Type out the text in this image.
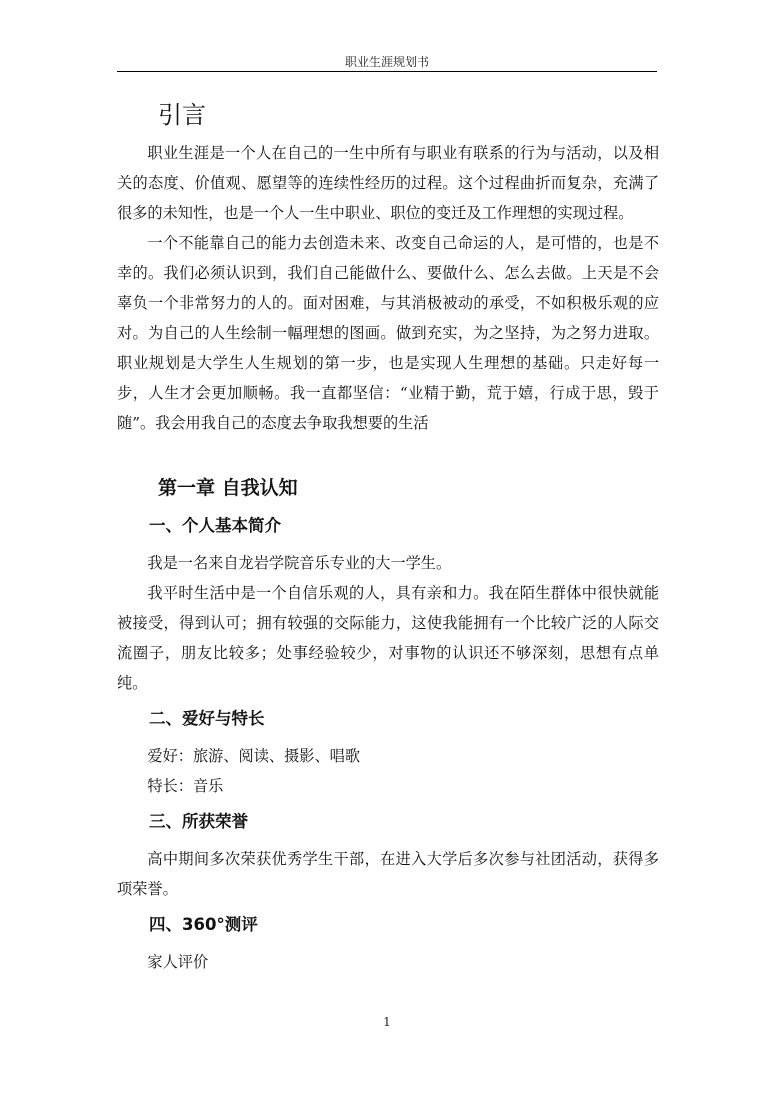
职业生涯规划书
引言

职业生涯是一个人在自己的一生中所有与职业有联系的行为与活动，以及相关的态度、价值观、愿望等的连续性经历的过程。这个过程曲折而复杂，充满了很多的未知性，也是一个人一生中职业、职位的变迁及工作理想的实现过程。

一个不能靠自己的能力去创造未来、改变自己命运的人，是可惜的，也是不幸的。我们必须认识到，我们自己能做什么、要做什么、怎么去做。上天是不会辜负一个非常努力的人的。面对困难，与其消极被动的承受，不如积极乐观的应对。为自己的人生绘制一幅理想的图画。做到充实，为之坚持，为之努力进取。职业规划是大学生人生规划的第一步，也是实现人生理想的基础。只走好每一步，人生才会更加顺畅。我一直都坚信：“业精于勤，荒于嬉，行成于思，毁于随”。我会用我自己的态度去争取我想要的生活

第一章 自我认知
一、个人基本简介

我是一名来自龙岩学院音乐专业的大一学生。

我平时生活中是一个自信乐观的人，具有亲和力。我在陌生群体中很快就能被接受，得到认可；拥有较强的交际能力，这使我能拥有一个比较广泛的人际交流圈子，朋友比较多；处事经验较少，对事物的认识还不够深刻，思想有点单纯。

二、爱好与特长

爱好：旅游、阅读、摄影、唱歌

特长：音乐

三、所获荣誉

高中期间多次荣获优秀学生干部，在进入大学后多次参与社团活动，获得多项荣誉。

四、360°测评

家人评价

1
